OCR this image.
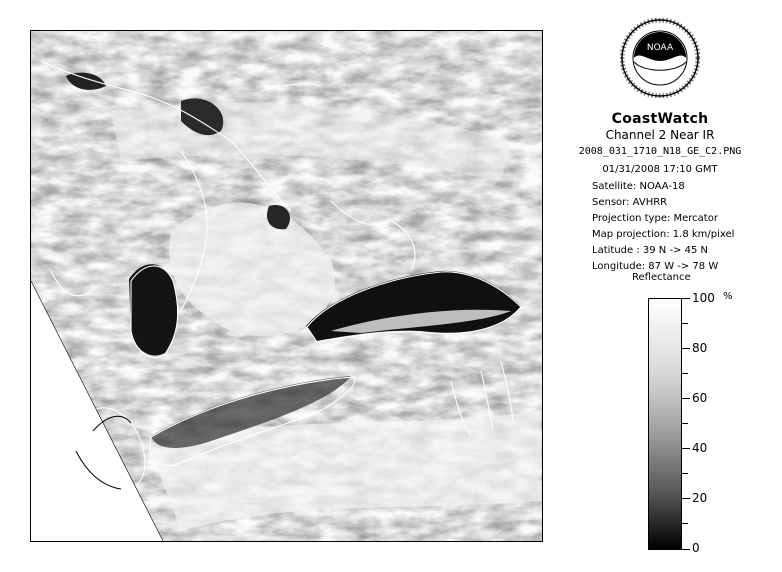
NOAA
CoastWatch
Channel 2 Near IR
2008_031_1710_N18_GE_C2.PNG
01/31/2008 17:10 GMT
Satellite: NOAA-18
Sensor: AVHRR
Projection type: Mercator
Map projection: 1.8 km/pixel
Latitude : 39 N -> 45 N
Longitude: 87 W -> 78 W
Reflectance
%
100
80
60
40
20
0
